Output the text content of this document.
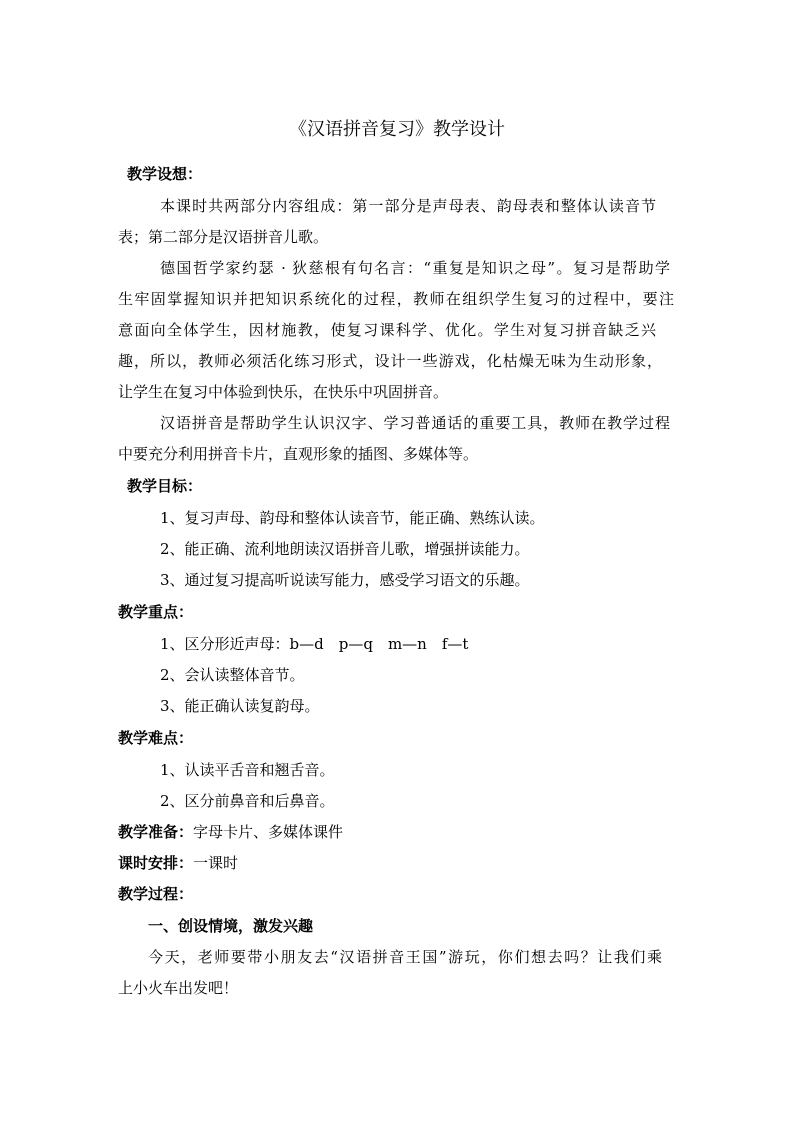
《汉语拼音复习》教学设计
教学设想：
本课时共两部分内容组成：第一部分是声母表、韵母表和整体认读音节
表；第二部分是汉语拼音儿歌。
德国哲学家约瑟 · 狄慈根有句名言：“重复是知识之母”。复习是帮助学
生牢固掌握知识并把知识系统化的过程，教师在组织学生复习的过程中，要注
意面向全体学生，因材施教，使复习课科学、优化。学生对复习拼音缺乏兴
趣，所以，教师必须活化练习形式，设计一些游戏，化枯燥无味为生动形象，
让学生在复习中体验到快乐，在快乐中巩固拼音。
汉语拼音是帮助学生认识汉字、学习普通话的重要工具，教师在教学过程
中要充分利用拼音卡片，直观形象的插图、多媒体等。
教学目标：
1、复习声母、韵母和整体认读音节，能正确、熟练认读。
2、能正确、流利地朗读汉语拼音儿歌，增强拼读能力。
3、通过复习提高听说读写能力，感受学习语文的乐趣。
教学重点：
1、区分形近声母：b—d　p—q　m—n　f—t
2、会认读整体音节。
3、能正确认读复韵母。
教学难点：
1、认读平舌音和翘舌音。
2、区分前鼻音和后鼻音。
教学准备：字母卡片、多媒体课件
课时安排：一课时
教学过程：
一、创设情境，激发兴趣
今天，老师要带小朋友去“汉语拼音王国”游玩，你们想去吗？让我们乘
上小火车出发吧！
